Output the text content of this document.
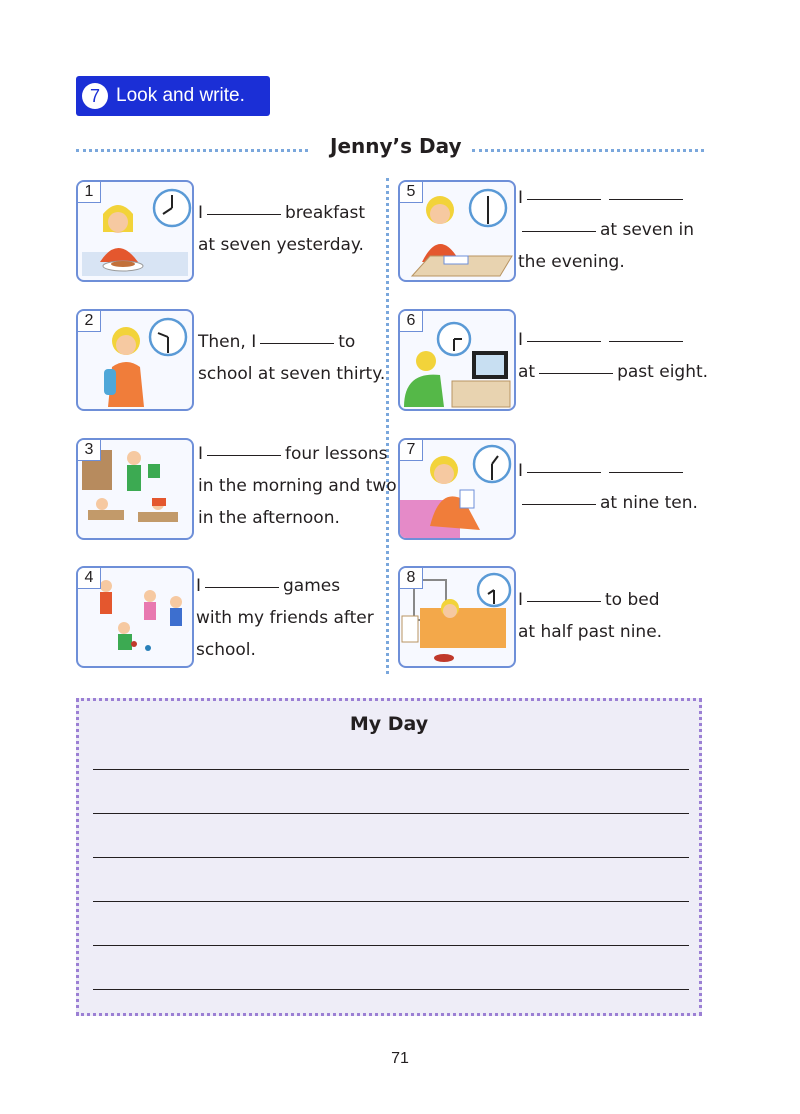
7 Look and write.
Jenny’s Day
1
2
3
4
5
6
7
8
I	breakfast
at seven yesterday.
Then, I	to
school at seven thirty.
I	four lessons
in the morning and two
in the afternoon.
I	games
with my friends after
school.
I
at seven in
the evening.
I
at	past eight.
I
at nine ten.
I	to bed
at half past nine.
My Day
71
